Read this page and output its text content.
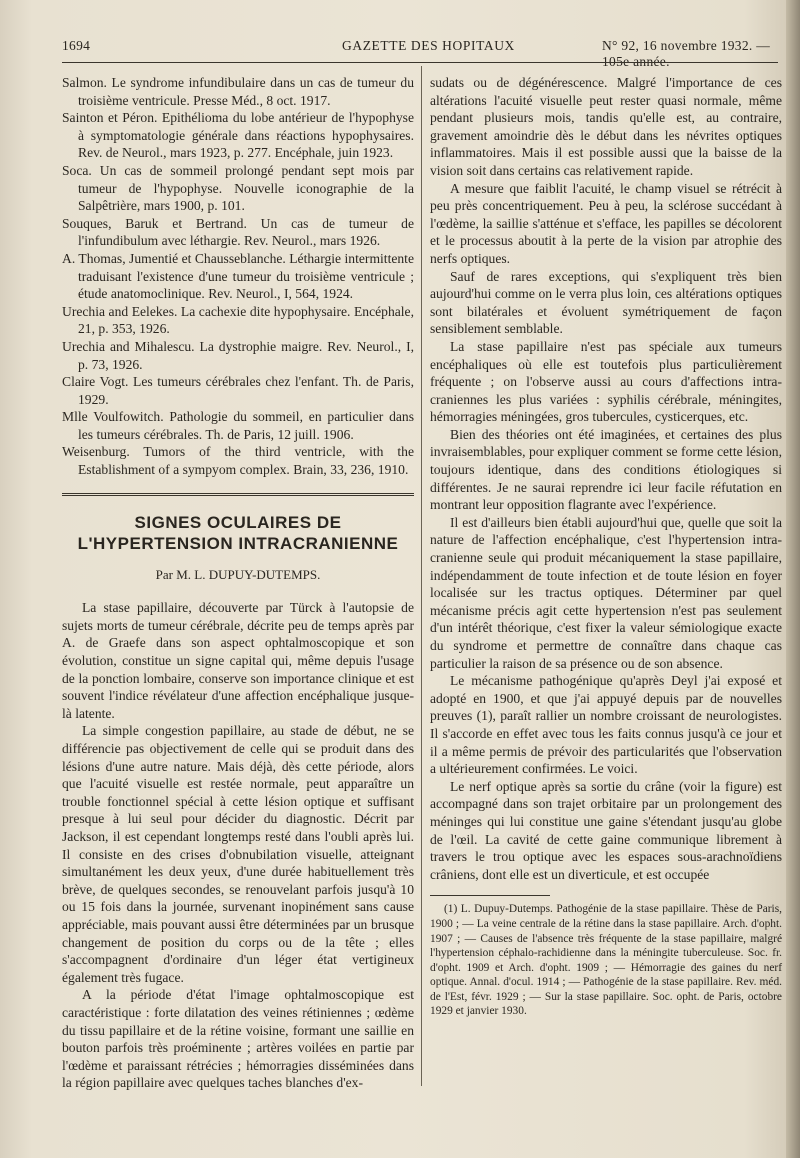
1694	GAZETTE DES HOPITAUX	N° 92, 16 novembre 1932. — 105e année.
Salmon. Le syndrome infundibulaire dans un cas de tumeur du troisième ventricule. Presse Méd., 8 oct. 1917.
Sainton et Péron. Epithélioma du lobe antérieur de l'hypophyse à symptomatologie générale dans réactions hypophysaires. Rev. de Neurol., mars 1923, p. 277. Encéphale, juin 1923.
Soca. Un cas de sommeil prolongé pendant sept mois par tumeur de l'hypophyse. Nouvelle iconographie de la Salpêtrière, mars 1900, p. 101.
Souques, Baruk et Bertrand. Un cas de tumeur de l'infundibulum avec léthargie. Rev. Neurol., mars 1926.
A. Thomas, Jumentié et Chausseblanche. Léthargie intermittente traduisant l'existence d'une tumeur du troisième ventricule ; étude anatomoclinique. Rev. Neurol., I, 564, 1924.
Urechia and Eelekes. La cachexie dite hypophysaire. Encéphale, 21, p. 353, 1926.
Urechia and Mihalescu. La dystrophie maigre. Rev. Neurol., I, p. 73, 1926.
Claire Vogt. Les tumeurs cérébrales chez l'enfant. Th. de Paris, 1929.
Mlle Voulfowitch. Pathologie du sommeil, en particulier dans les tumeurs cérébrales. Th. de Paris, 12 juill. 1906.
Weisenburg. Tumors of the third ventricle, with the Establishment of a sympyom complex. Brain, 33, 236, 1910.
SIGNES OCULAIRES DE L'HYPERTENSION INTRACRANIENNE
Par M. L. DUPUY-DUTEMPS.

La stase papillaire, découverte par Türck à l'autopsie de sujets morts de tumeur cérébrale, décrite peu de temps après par A. de Graefe dans son aspect ophtalmoscopique et son évolution, constitue un signe capital qui, même depuis l'usage de la ponction lombaire, conserve son importance clinique et est souvent l'indice révélateur d'une affection encéphalique jusque-là latente.

La simple congestion papillaire, au stade de début, ne se différencie pas objectivement de celle qui se produit dans des lésions d'une autre nature. Mais déjà, dès cette période, alors que l'acuité visuelle est restée normale, peut apparaître un trouble fonctionnel spécial à cette lésion optique et suffisant presque à lui seul pour décider du diagnostic. Décrit par Jackson, il est cependant longtemps resté dans l'oubli après lui. Il consiste en des crises d'obnubilation visuelle, atteignant simultanément les deux yeux, d'une durée habituellement très brève, de quelques secondes, se renouvelant parfois jusqu'à 10 ou 15 fois dans la journée, survenant inopinément sans cause appréciable, mais pouvant aussi être déterminées par un brusque changement de position du corps ou de la tête ; elles s'accompagnent d'ordinaire d'un léger état vertigineux également très fugace.

A la période d'état l'image ophtalmoscopique est caractéristique : forte dilatation des veines rétiniennes ; œdème du tissu papillaire et de la rétine voisine, formant une saillie en bouton parfois très proéminente ; artères voilées en partie par l'œdème et paraissant rétrécies ; hémorragies disséminées dans la région papillaire avec quelques taches blanches d'ex-

sudats ou de dégénérescence. Malgré l'importance de ces altérations l'acuité visuelle peut rester quasi normale, même pendant plusieurs mois, tandis qu'elle est, au contraire, gravement amoindrie dès le début dans les névrites optiques inflammatoires. Mais il est possible aussi que la baisse de la vision soit dans certains cas relativement rapide.

A mesure que faiblit l'acuité, le champ visuel se rétrécit à peu près concentriquement. Peu à peu, la sclérose succédant à l'œdème, la saillie s'atténue et s'efface, les papilles se décolorent et le processus aboutit à la perte de la vision par atrophie des nerfs optiques.

Sauf de rares exceptions, qui s'expliquent très bien aujourd'hui comme on le verra plus loin, ces altérations optiques sont bilatérales et évoluent symétriquement de façon sensiblement semblable.

La stase papillaire n'est pas spéciale aux tumeurs encéphaliques où elle est toutefois plus particulièrement fréquente ; on l'observe aussi au cours d'affections intra-craniennes les plus variées : syphilis cérébrale, méningites, hémorragies méningées, gros tubercules, cysticerques, etc.

Bien des théories ont été imaginées, et certaines des plus invraisemblables, pour expliquer comment se forme cette lésion, toujours identique, dans des conditions étiologiques si différentes. Je ne saurai reprendre ici leur facile réfutation en montrant leur opposition flagrante avec l'expérience.

Il est d'ailleurs bien établi aujourd'hui que, quelle que soit la nature de l'affection encéphalique, c'est l'hypertension intra-cranienne seule qui produit mécaniquement la stase papillaire, indépendamment de toute infection et de toute lésion en foyer localisée sur les tractus optiques. Déterminer par quel mécanisme précis agit cette hypertension n'est pas seulement d'un intérêt théorique, c'est fixer la valeur sémiologique exacte du syndrome et permettre de connaître dans chaque cas particulier la raison de sa présence ou de son absence.

Le mécanisme pathogénique qu'après Deyl j'ai exposé et adopté en 1900, et que j'ai appuyé depuis par de nouvelles preuves (1), paraît rallier un nombre croissant de neurologistes. Il s'accorde en effet avec tous les faits connus jusqu'à ce jour et il a même permis de prévoir des particularités que l'observation a ultérieurement confirmées. Le voici.

Le nerf optique après sa sortie du crâne (voir la figure) est accompagné dans son trajet orbitaire par un prolongement des méninges qui lui constitue une gaine s'étendant jusqu'au globe de l'œil. La cavité de cette gaine communique librement à travers le trou optique avec les espaces sous-arachnoïdiens crâniens, dont elle est un diverticule, et est occupée

(1) L. Dupuy-Dutemps. Pathogénie de la stase papillaire. Thèse de Paris, 1900 ; — La veine centrale de la rétine dans la stase papillaire. Arch. d'opht. 1907 ; — Causes de l'absence très fréquente de la stase papillaire, malgré l'hypertension céphalo-rachidienne dans la méningite tuberculeuse. Soc. fr. d'opht. 1909 et Arch. d'opht. 1909 ; — Hémorragie des gaines du nerf optique. Annal. d'ocul. 1914 ; — Pathogénie de la stase papillaire. Rev. méd. de l'Est, févr. 1929 ; — Sur la stase papillaire. Soc. opht. de Paris, octobre 1929 et janvier 1930.
